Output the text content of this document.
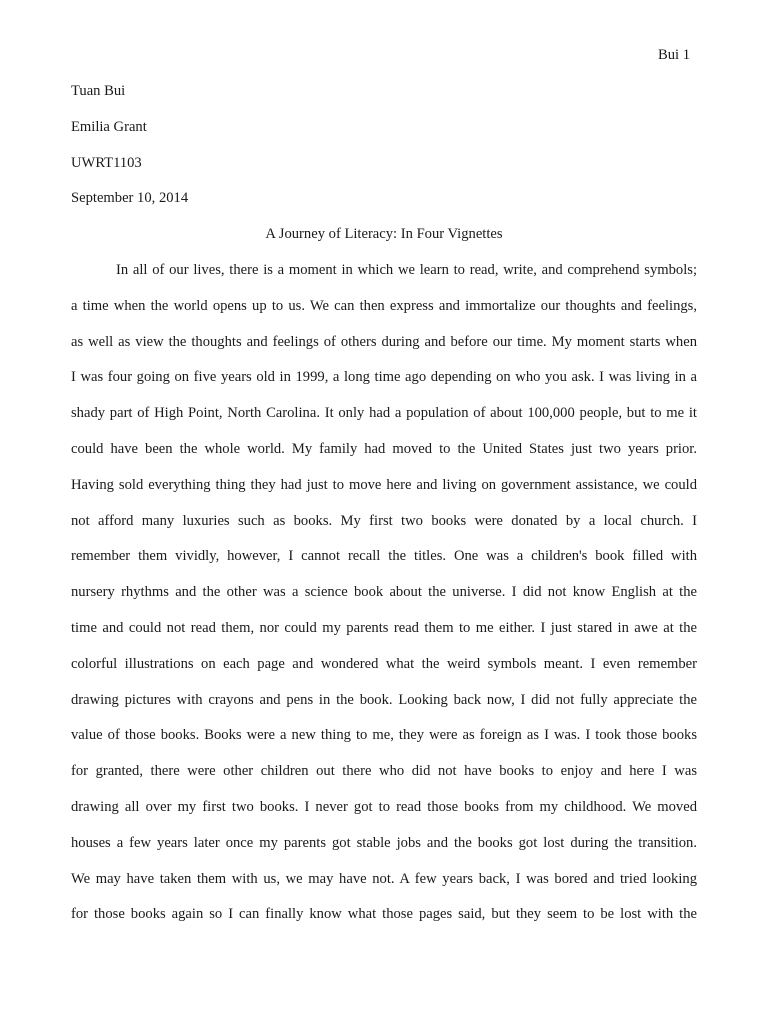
Bui 1
Tuan Bui
Emilia Grant
UWRT1103
September 10, 2014
A Journey of Literacy: In Four Vignettes
In all of our lives, there is a moment in which we learn to read, write, and comprehend symbols;
a time when the world opens up to us. We can then express and immortalize our thoughts and feelings,
as well as view the thoughts and feelings of others during and before our time. My moment starts when
I was four going on five years old in 1999, a long time ago depending on who you ask. I was living in a
shady part of High Point, North Carolina. It only had a population of about 100,000 people, but to me it
could have been the whole world. My family had moved to the United States just two years prior.
Having sold everything thing they had just to move here and living on government assistance, we could
not afford many luxuries such as books. My first two books were donated by a local church. I
remember them vividly, however, I cannot recall the titles. One was a children's book filled with
nursery rhythms and the other was a science book about the universe. I did not know English at the
time and could not read them, nor could my parents read them to me either. I just stared in awe at the
colorful illustrations on each page and wondered what the weird symbols meant. I even remember
drawing pictures with crayons and pens in the book. Looking back now, I did not fully appreciate the
value of those books. Books were a new thing to me, they were as foreign as I was. I took those books
for granted, there were other children out there who did not have books to enjoy and here I was
drawing all over my first two books. I never got to read those books from my childhood. We moved
houses a few years later once my parents got stable jobs and the books got lost during the transition.
We may have taken them with us, we may have not. A few years back, I was bored and tried looking
for those books again so I can finally know what those pages said, but they seem to be lost with the
